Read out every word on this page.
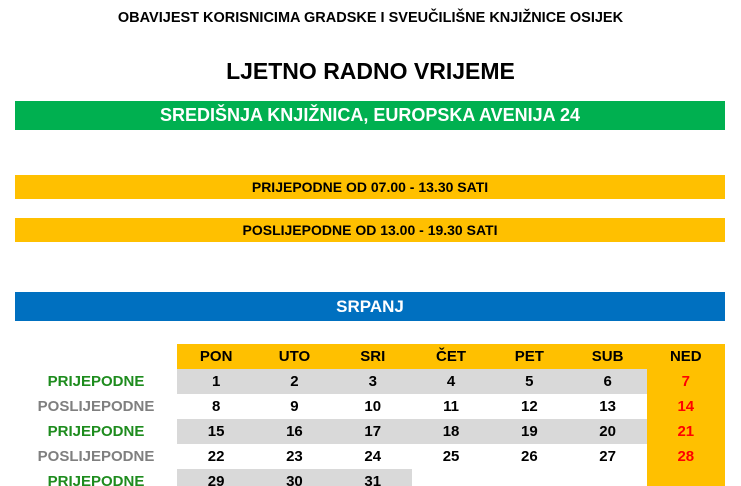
OBAVIJEST KORISNICIMA GRADSKE I SVEUČILIŠNE KNJIŽNICE OSIJEK
LJETNO RADNO VRIJEME
SREDIŠNJA KNJIŽNICA, EUROPSKA AVENIJA 24
PRIJEPODNE OD 07.00 - 13.30 SATI
POSLIJEPODNE OD 13.00 - 19.30 SATI
SRPANJ
	PON	UTO	SRI	ČET	PET	SUB	NED
PRIJEPODNE	1	2	3	4	5	6	7
POSLIJEPODNE	8	9	10	11	12	13	14
PRIJEPODNE	15	16	17	18	19	20	21
POSLIJEPODNE	22	23	24	25	26	27	28
PRIJEPODNE	29	30	31				
